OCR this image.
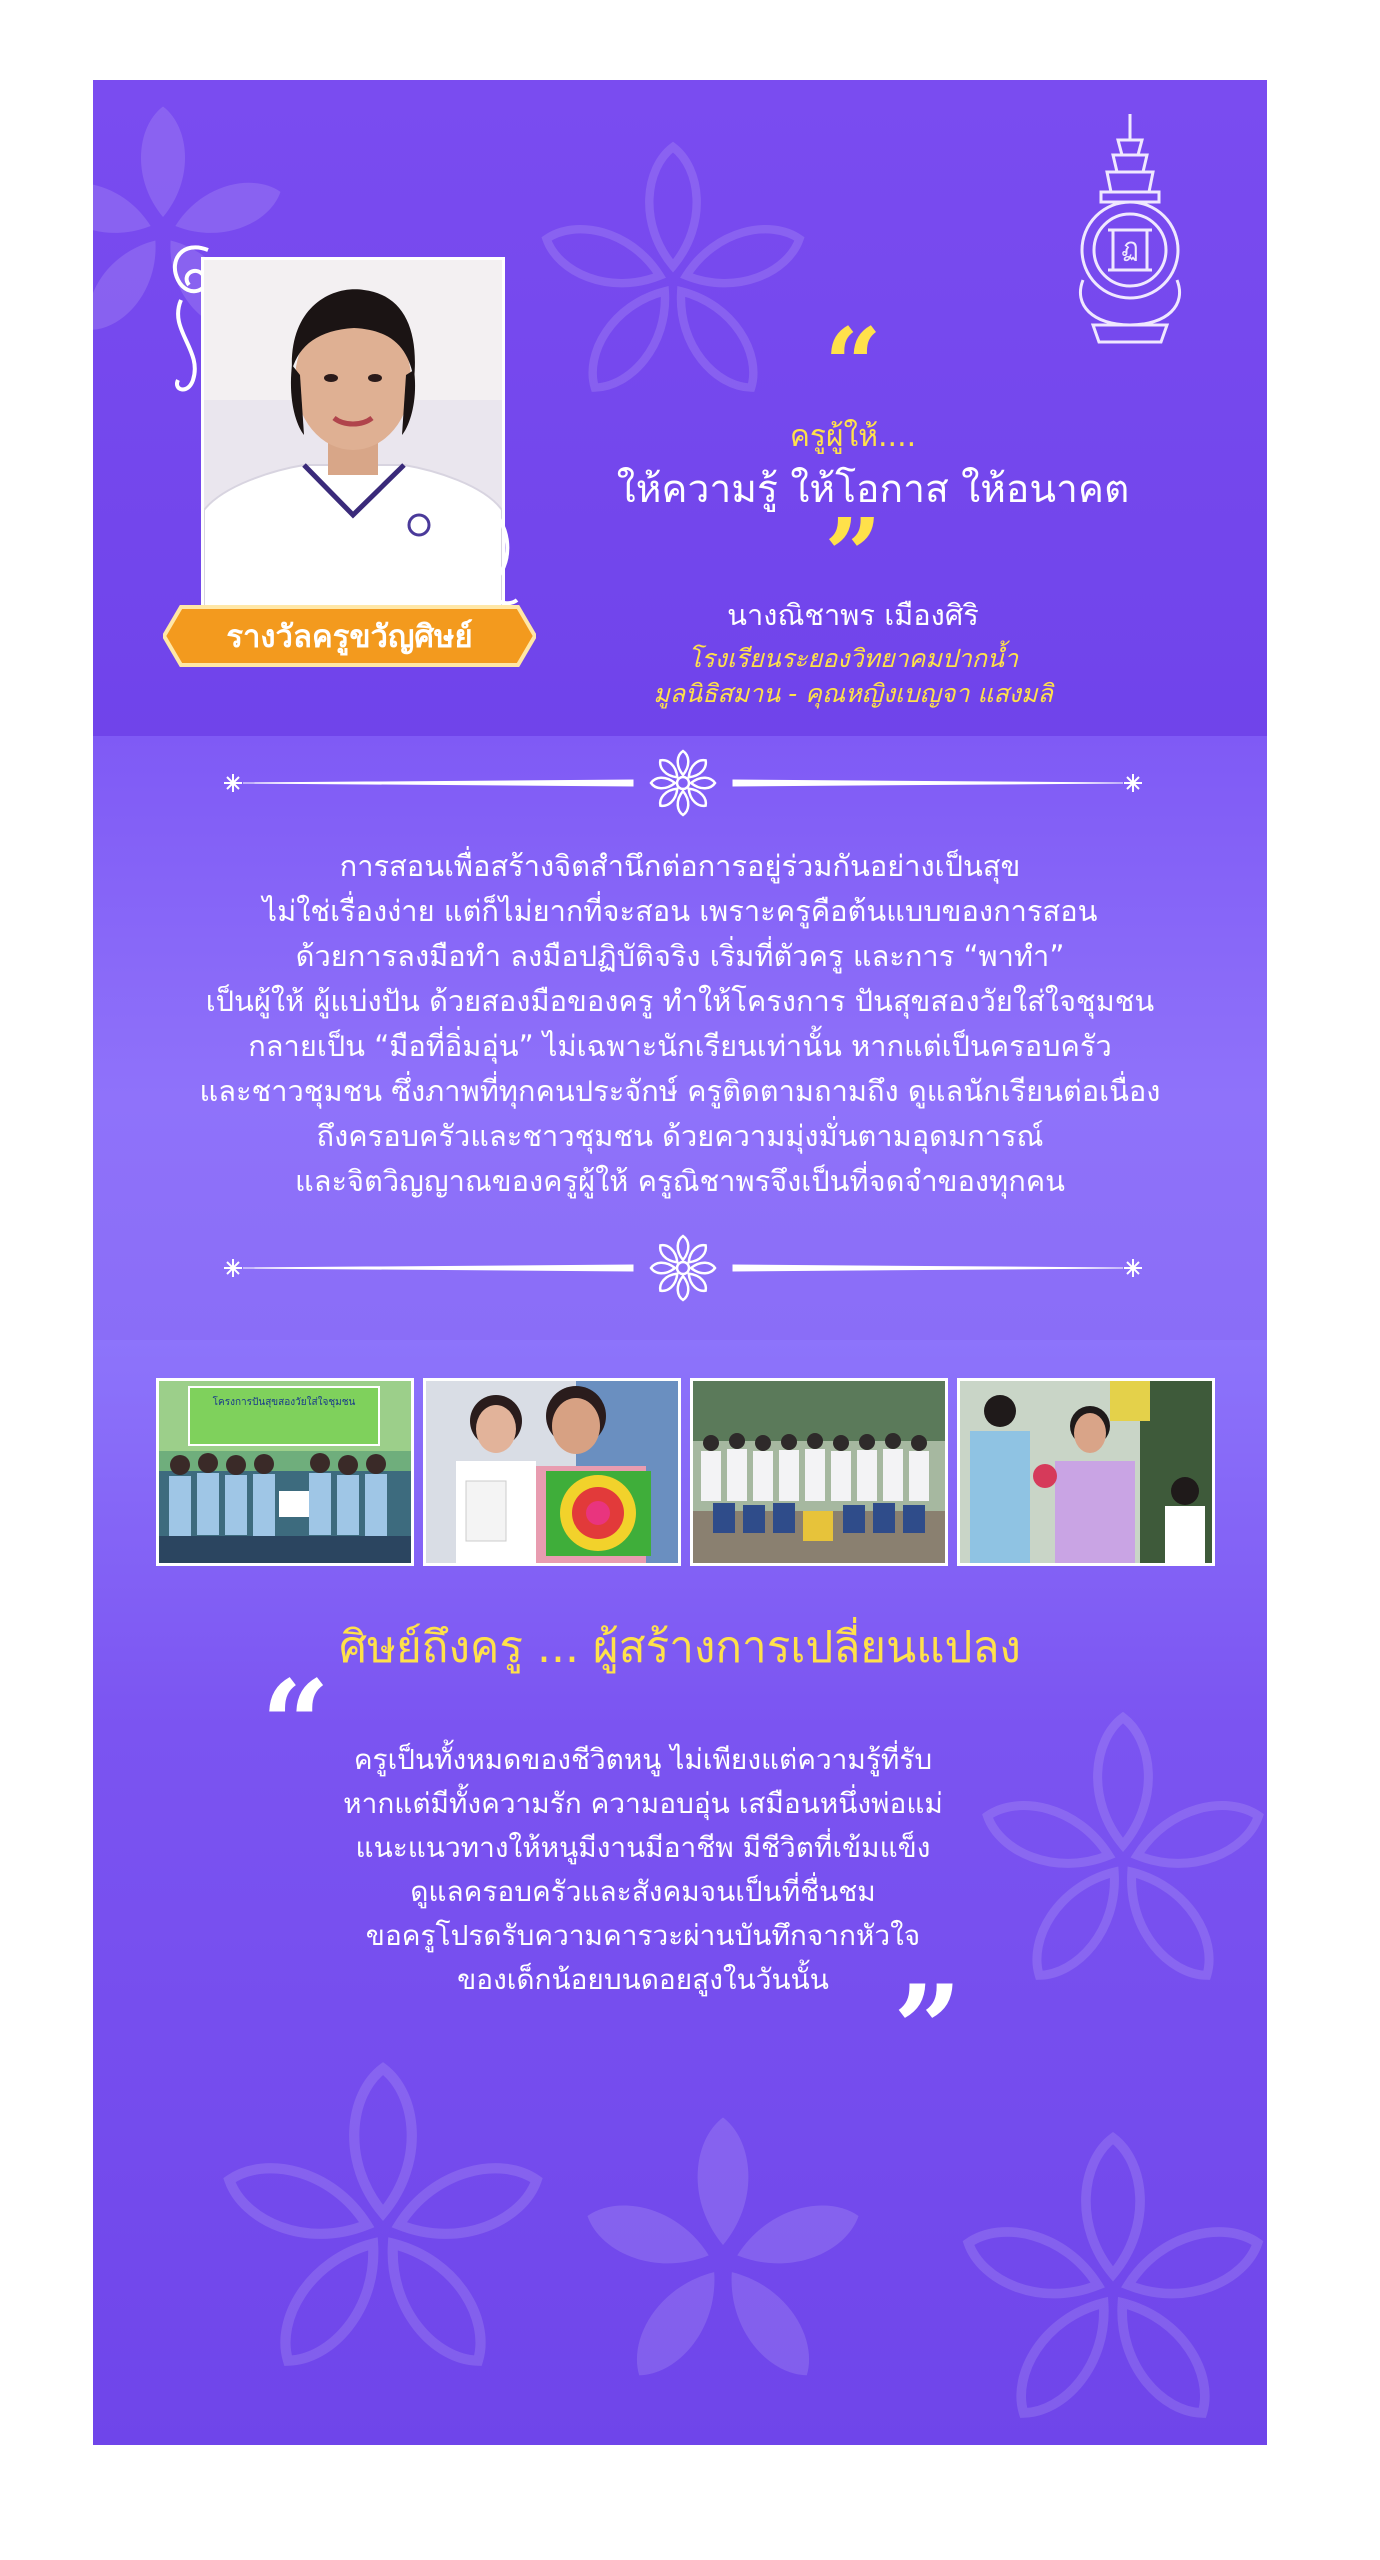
ฏ
รางวัลครูขวัญศิษย์
“
ครูผู้ให้....
ให้ความรู้ ให้โอกาส ให้อนาคต
”
นางณิชาพร เมืองศิริ
โรงเรียนระยองวิทยาคมปากน้ำ
มูลนิธิสมาน - คุณหญิงเบญจา แสงมลิ
การสอนเพื่อสร้างจิตสำนึกต่อการอยู่ร่วมกันอย่างเป็นสุข
ไม่ใช่เรื่องง่าย แต่ก็ไม่ยากที่จะสอน เพราะครูคือต้นแบบของการสอน
ด้วยการลงมือทำ ลงมือปฏิบัติจริง เริ่มที่ตัวครู และการ “พาทำ”
เป็นผู้ให้ ผู้แบ่งปัน ด้วยสองมือของครู ทำให้โครงการ ปันสุขสองวัยใส่ใจชุมชน
กลายเป็น “มือที่อิ่มอุ่น” ไม่เฉพาะนักเรียนเท่านั้น หากแต่เป็นครอบครัว
และชาวชุมชน ซึ่งภาพที่ทุกคนประจักษ์ ครูติดตามถามถึง ดูแลนักเรียนต่อเนื่อง
ถึงครอบครัวและชาวชุมชน ด้วยความมุ่งมั่นตามอุดมการณ์
และจิตวิญญาณของครูผู้ให้ ครูณิชาพรจึงเป็นที่จดจำของทุกคน
โครงการปันสุขสองวัยใส่ใจชุมชน
ศิษย์ถึงครู ... ผู้สร้างการเปลี่ยนแปลง
“ ครูเป็นทั้งหมดของชีวิตหนู ไม่เพียงแต่ความรู้ที่รับ
หากแต่มีทั้งความรัก ความอบอุ่น เสมือนหนึ่งพ่อแม่
แนะแนวทางให้หนูมีงานมีอาชีพ มีชีวิตที่เข้มแข็ง
ดูแลครอบครัวและสังคมจนเป็นที่ชื่นชม
ขอครูโปรดรับความคารวะผ่านบันทึกจากหัวใจ
ของเด็กน้อยบนดอยสูงในวันนั้น ”
